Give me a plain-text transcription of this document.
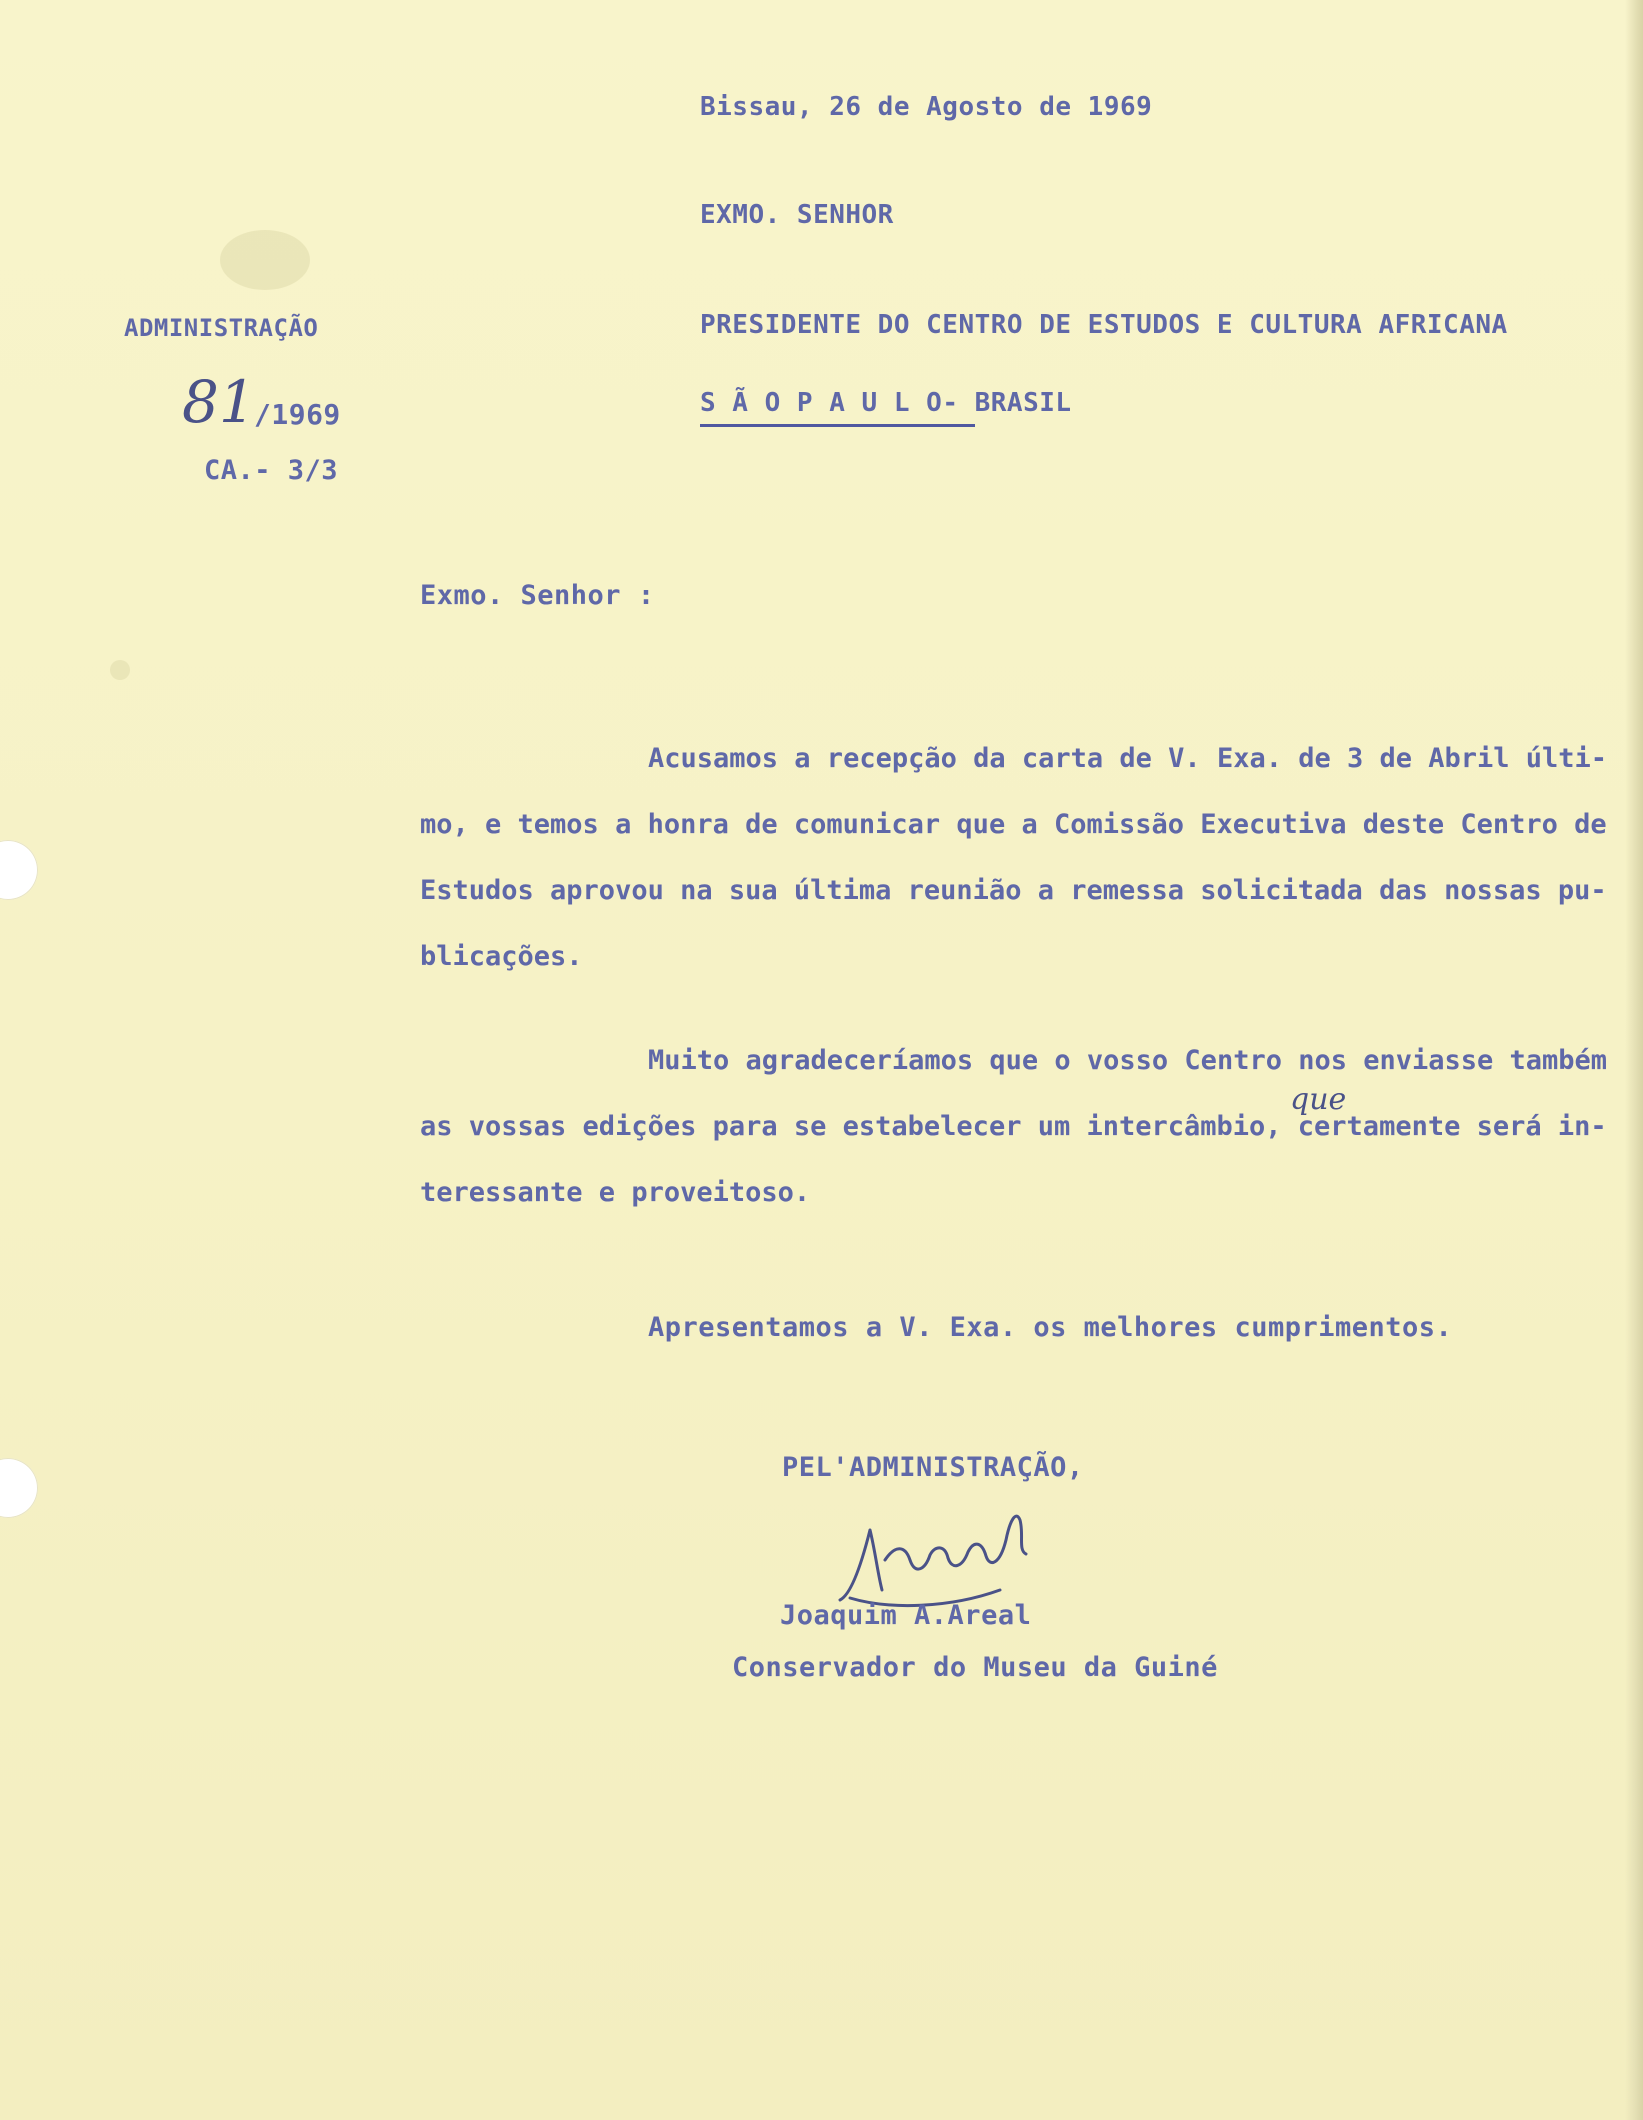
Bissau, 26 de Agosto de 1969
EXMO. SENHOR
PRESIDENTE DO CENTRO DE ESTUDOS E CULTURA AFRICANA
S Ã O P A U L O- BRASIL
ADMINISTRAÇÃO
81
/1969
CA.- 3/3
Exmo. Senhor :
Acusamos a recepção da carta de V. Exa. de 3 de Abril últi-
mo, e temos a honra de comunicar que a Comissão Executiva deste Centro de
Estudos aprovou na sua última reunião a remessa solicitada das nossas pu-
blicações.
Muito agradeceríamos que o vosso Centro nos enviasse também
as vossas edições para se estabelecer um intercâmbio, certamente será in-
teressante e proveitoso.
que
Apresentamos a V. Exa. os melhores cumprimentos.
PEL'ADMINISTRAÇÃO,
Joaquim A.Areal
Conservador do Museu da Guiné
